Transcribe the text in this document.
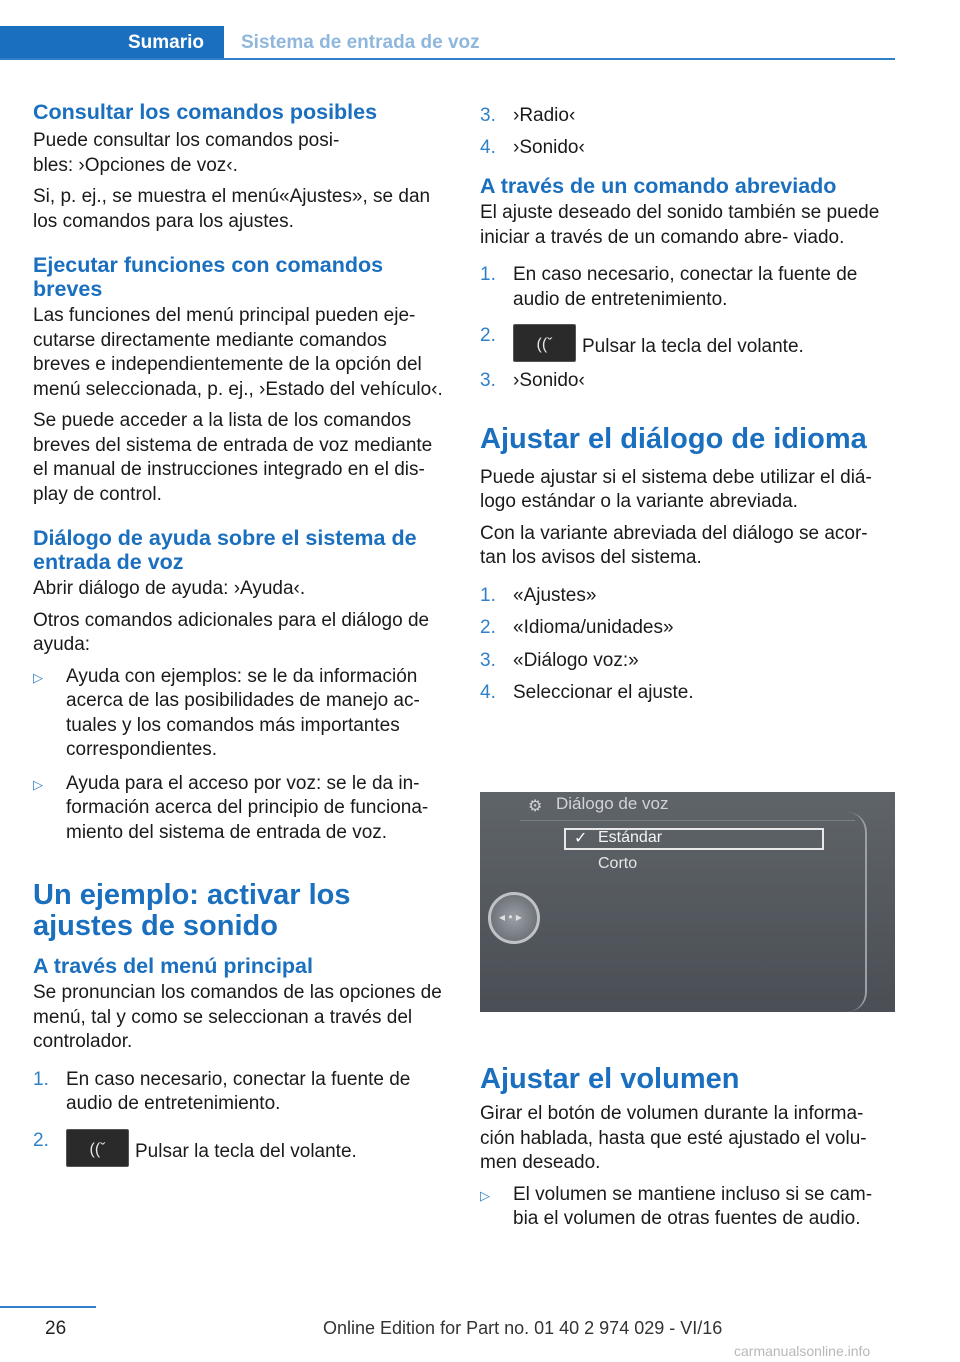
Sumario	Sistema de entrada de voz
Consultar los comandos posibles

Puede consultar los comandos posi‐ bles: ›Opciones de voz‹.

Si, p. ej., se muestra el menú«Ajustes», se dan los comandos para los ajustes.

Ejecutar funciones con comandos breves

Las funciones del menú principal pueden eje‐ cutarse directamente mediante comandos breves e independientemente de la opción del menú seleccionada, p. ej., ›Estado del vehículo‹.

Se puede acceder a la lista de los comandos breves del sistema de entrada de voz mediante el manual de instrucciones integrado en el dis‐ play de control.

Diálogo de ayuda sobre el sistema de entrada de voz

Abrir diálogo de ayuda: ›Ayuda‹.

Otros comandos adicionales para el diálogo de ayuda:

▷	Ayuda con ejemplos: se le da información acerca de las posibilidades de manejo ac‐ tuales y los comandos más importantes correspondientes.
▷	Ayuda para el acceso por voz: se le da in‐ formación acerca del principio de funciona‐ miento del sistema de entrada de voz.
Un ejemplo: activar los ajustes de sonido
A través del menú principal

Se pronuncian los comandos de las opciones de menú, tal y como se seleccionan a través del controlador.

1. En caso necesario, conectar la fuente de audio de entretenimiento.
2.	((ˇ	Pulsar la tecla del volante.
3. ›Radio‹
4. ›Sonido‹
A través de un comando abreviado

El ajuste deseado del sonido también se puede iniciar a través de un comando abre‐ viado.

1. En caso necesario, conectar la fuente de audio de entretenimiento.
2.	((ˇ	Pulsar la tecla del volante.
3. ›Sonido‹
Ajustar el diálogo de idioma

Puede ajustar si el sistema debe utilizar el diá‐ logo estándar o la variante abreviada.

Con la variante abreviada del diálogo se acor‐ tan los avisos del sistema.

1. «Ajustes»
2. «Idioma/unidades»
3. «Diálogo voz:»
4. Seleccionar el ajuste.
⚙ Diálogo de voz
✓ Estándar
Corto
◂ • ▸
Ajustar el volumen

Girar el botón de volumen durante la informa‐ ción hablada, hasta que esté ajustado el volu‐ men deseado.

▷	El volumen se mantiene incluso si se cam‐ bia el volumen de otras fuentes de audio.
26	Online Edition for Part no. 01 40 2 974 029 - VI/16
carmanualsonline.info
